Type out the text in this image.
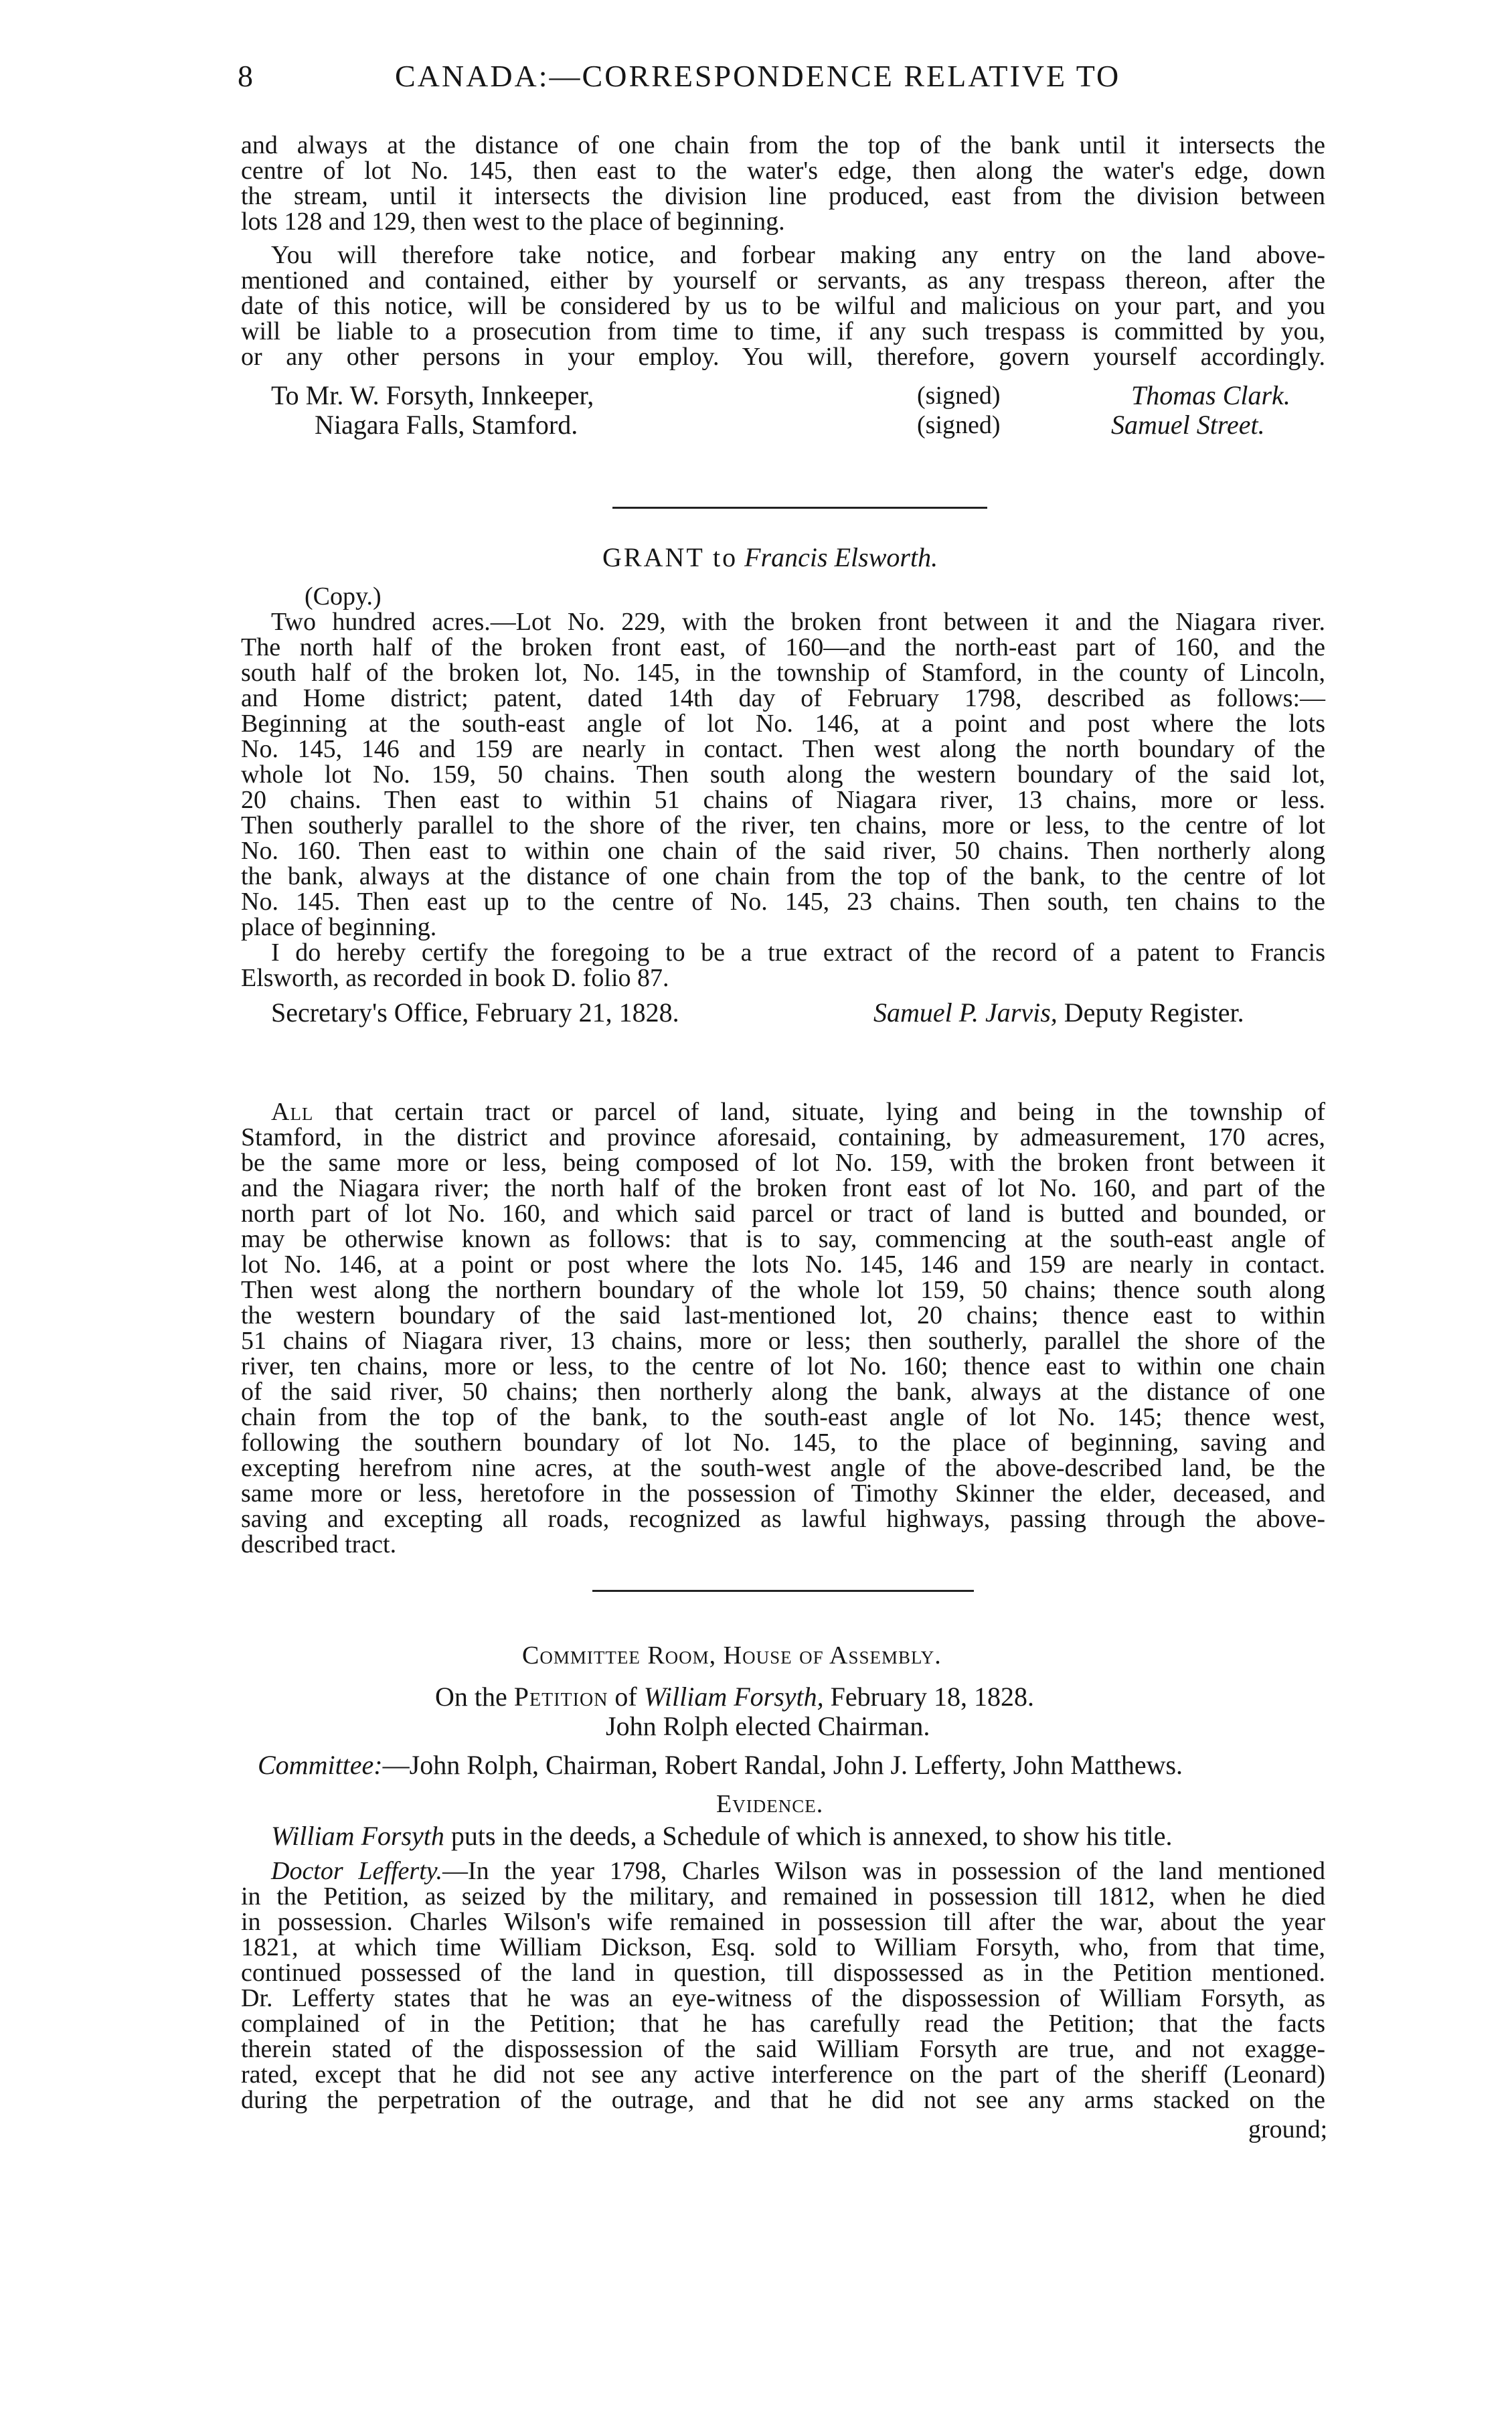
8	CANADA:—CORRESPONDENCE RELATIVE TO
and always at the distance of one chain from the top of the bank until it intersects the
centre of lot No. 145, then east to the water's edge, then along the water's edge, down
the stream, until it intersects the division line produced, east from the division between
lots 128 and 129, then west to the place of beginning.
You will therefore take notice, and forbear making any entry on the land above-
mentioned and contained, either by yourself or servants, as any trespass thereon, after the
date of this notice, will be considered by us to be wilful and malicious on your part, and you
will be liable to a prosecution from time to time, if any such trespass is committed by you,
or any other persons in your employ. You will, therefore, govern yourself accordingly.
To Mr. W. Forsyth, Innkeeper,
Niagara Falls, Stamford.
(signed)
(signed)
Thomas Clark.
Samuel Street.
GRANT to Francis Elsworth.
(Copy.)
Two hundred acres.—Lot No. 229, with the broken front between it and the Niagara river.
The north half of the broken front east, of 160—and the north-east part of 160, and the
south half of the broken lot, No. 145, in the township of Stamford, in the county of Lincoln,
and Home district; patent, dated 14th day of February 1798, described as follows:—
Beginning at the south-east angle of lot No. 146, at a point and post where the lots
No. 145, 146 and 159 are nearly in contact. Then west along the north boundary of the
whole lot No. 159, 50 chains. Then south along the western boundary of the said lot,
20 chains. Then east to within 51 chains of Niagara river, 13 chains, more or less.
Then southerly parallel to the shore of the river, ten chains, more or less, to the centre of lot
No. 160. Then east to within one chain of the said river, 50 chains. Then northerly along
the bank, always at the distance of one chain from the top of the bank, to the centre of lot
No. 145. Then east up to the centre of No. 145, 23 chains. Then south, ten chains to the
place of beginning.
I do hereby certify the foregoing to be a true extract of the record of a patent to Francis
Elsworth, as recorded in book D. folio 87.
Secretary's Office, February 21, 1828.	Samuel P. Jarvis, Deputy Register.
All that certain tract or parcel of land, situate, lying and being in the township of
Stamford, in the district and province aforesaid, containing, by admeasurement, 170 acres,
be the same more or less, being composed of lot No. 159, with the broken front between it
and the Niagara river; the north half of the broken front east of lot No. 160, and part of the
north part of lot No. 160, and which said parcel or tract of land is butted and bounded, or
may be otherwise known as follows: that is to say, commencing at the south-east angle of
lot No. 146, at a point or post where the lots No. 145, 146 and 159 are nearly in contact.
Then west along the northern boundary of the whole lot 159, 50 chains; thence south along
the western boundary of the said last-mentioned lot, 20 chains; thence east to within
51 chains of Niagara river, 13 chains, more or less; then southerly, parallel the shore of the
river, ten chains, more or less, to the centre of lot No. 160; thence east to within one chain
of the said river, 50 chains; then northerly along the bank, always at the distance of one
chain from the top of the bank, to the south-east angle of lot No. 145; thence west,
following the southern boundary of lot No. 145, to the place of beginning, saving and
excepting herefrom nine acres, at the south-west angle of the above-described land, be the
same more or less, heretofore in the possession of Timothy Skinner the elder, deceased, and
saving and excepting all roads, recognized as lawful highways, passing through the above-
described tract.
Committee Room, House of Assembly.
On the Petition of William Forsyth, February 18, 1828.
John Rolph elected Chairman.
Committee:—John Rolph, Chairman, Robert Randal, John J. Lefferty, John Matthews.
Evidence.
William Forsyth puts in the deeds, a Schedule of which is annexed, to show his title.
Doctor Lefferty.—In the year 1798, Charles Wilson was in possession of the land mentioned
in the Petition, as seized by the military, and remained in possession till 1812, when he died
in possession. Charles Wilson's wife remained in possession till after the war, about the year
1821, at which time William Dickson, Esq. sold to William Forsyth, who, from that time,
continued possessed of the land in question, till dispossessed as in the Petition mentioned.
Dr. Lefferty states that he was an eye-witness of the dispossession of William Forsyth, as
complained of in the Petition; that he has carefully read the Petition; that the facts
therein stated of the dispossession of the said William Forsyth are true, and not exagge-
rated, except that he did not see any active interference on the part of the sheriff (Leonard)
during the perpetration of the outrage, and that he did not see any arms stacked on the
ground;
